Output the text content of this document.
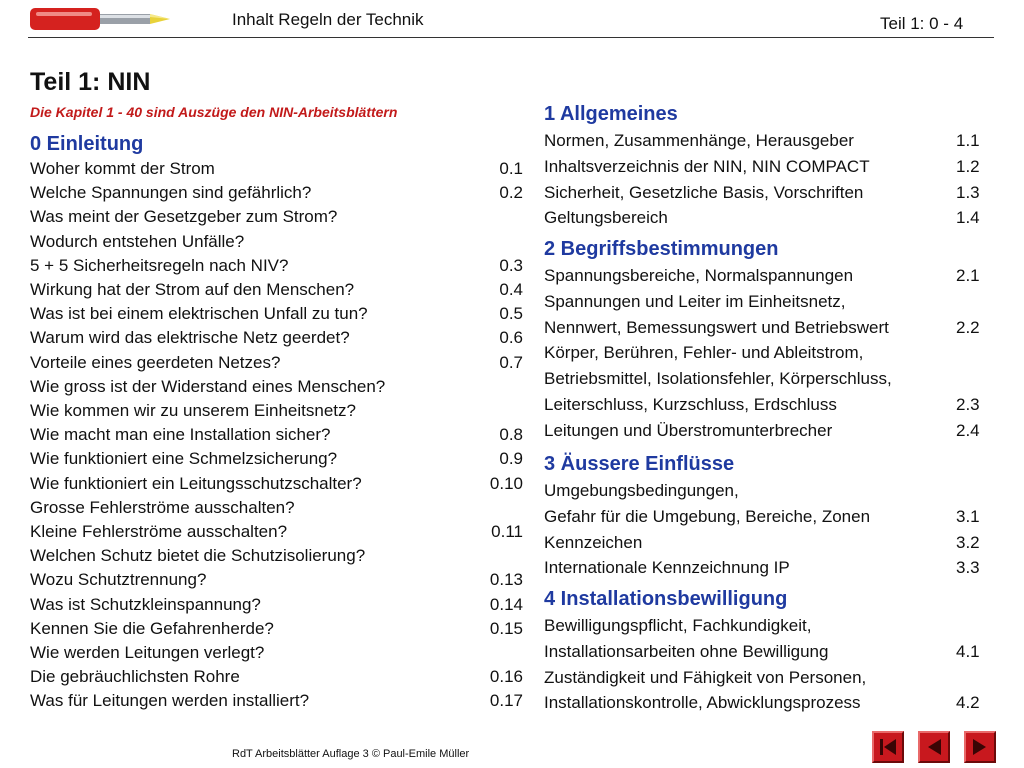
Inhalt Regeln der Technik	Teil 1: 0 - 4
Teil 1: NIN
Die Kapitel 1 - 40 sind Auszüge den NIN-Arbeitsblättern
0 Einleitung
Woher kommt der Strom	0.1
Welche Spannungen sind gefährlich?	0.2
Was meint der Gesetzgeber zum Strom?
Wodurch entstehen Unfälle?
5 + 5 Sicherheitsregeln nach NIV?	0.3
Wirkung hat der Strom auf den Menschen?	0.4
Was ist bei einem elektrischen Unfall zu tun?	0.5
Warum wird das elektrische Netz geerdet?	0.6
Vorteile eines geerdeten Netzes?	0.7
Wie gross ist der Widerstand eines Menschen?
Wie kommen wir zu unserem Einheitsnetz?
Wie macht man eine Installation sicher?	0.8
Wie funktioniert eine Schmelzsicherung?	0.9
Wie funktioniert ein Leitungsschutzschalter?	0.10
Grosse Fehlerströme ausschalten?
Kleine Fehlerströme ausschalten?	0.11
Welchen Schutz bietet die Schutzisolierung?
Wozu Schutztrennung?	0.13
Was ist Schutzkleinspannung?	0.14
Kennen Sie die Gefahrenherde?	0.15
Wie werden Leitungen verlegt?
Die gebräuchlichsten Rohre	0.16
Was für Leitungen werden installiert?	0.17
1 Allgemeines
Normen, Zusammenhänge, Herausgeber	1.1
Inhaltsverzeichnis der NIN, NIN COMPACT	1.2
Sicherheit, Gesetzliche Basis, Vorschriften	1.3
Geltungsbereich	1.4
2 Begriffsbestimmungen
Spannungsbereiche, Normalspannungen	2.1
Spannungen und Leiter im Einheitsnetz,
Nennwert, Bemessungswert und Betriebswert	2.2
Körper, Berühren, Fehler- und Ableitstrom,
Betriebsmittel, Isolationsfehler, Körperschluss,
Leiterschluss, Kurzschluss, Erdschluss	2.3
Leitungen und Überstromunterbrecher	2.4
3 Äussere Einflüsse
Umgebungsbedingungen,
Gefahr für die Umgebung, Bereiche, Zonen	3.1
Kennzeichen	3.2
Internationale Kennzeichnung IP	3.3
4 Installationsbewilligung
Bewilligungspflicht, Fachkundigkeit,
Installationsarbeiten ohne Bewilligung	4.1
Zuständigkeit und Fähigkeit von Personen,
Installationskontrolle, Abwicklungsprozess	4.2
RdT Arbeitsblätter Auflage 3 © Paul-Emile Müller
